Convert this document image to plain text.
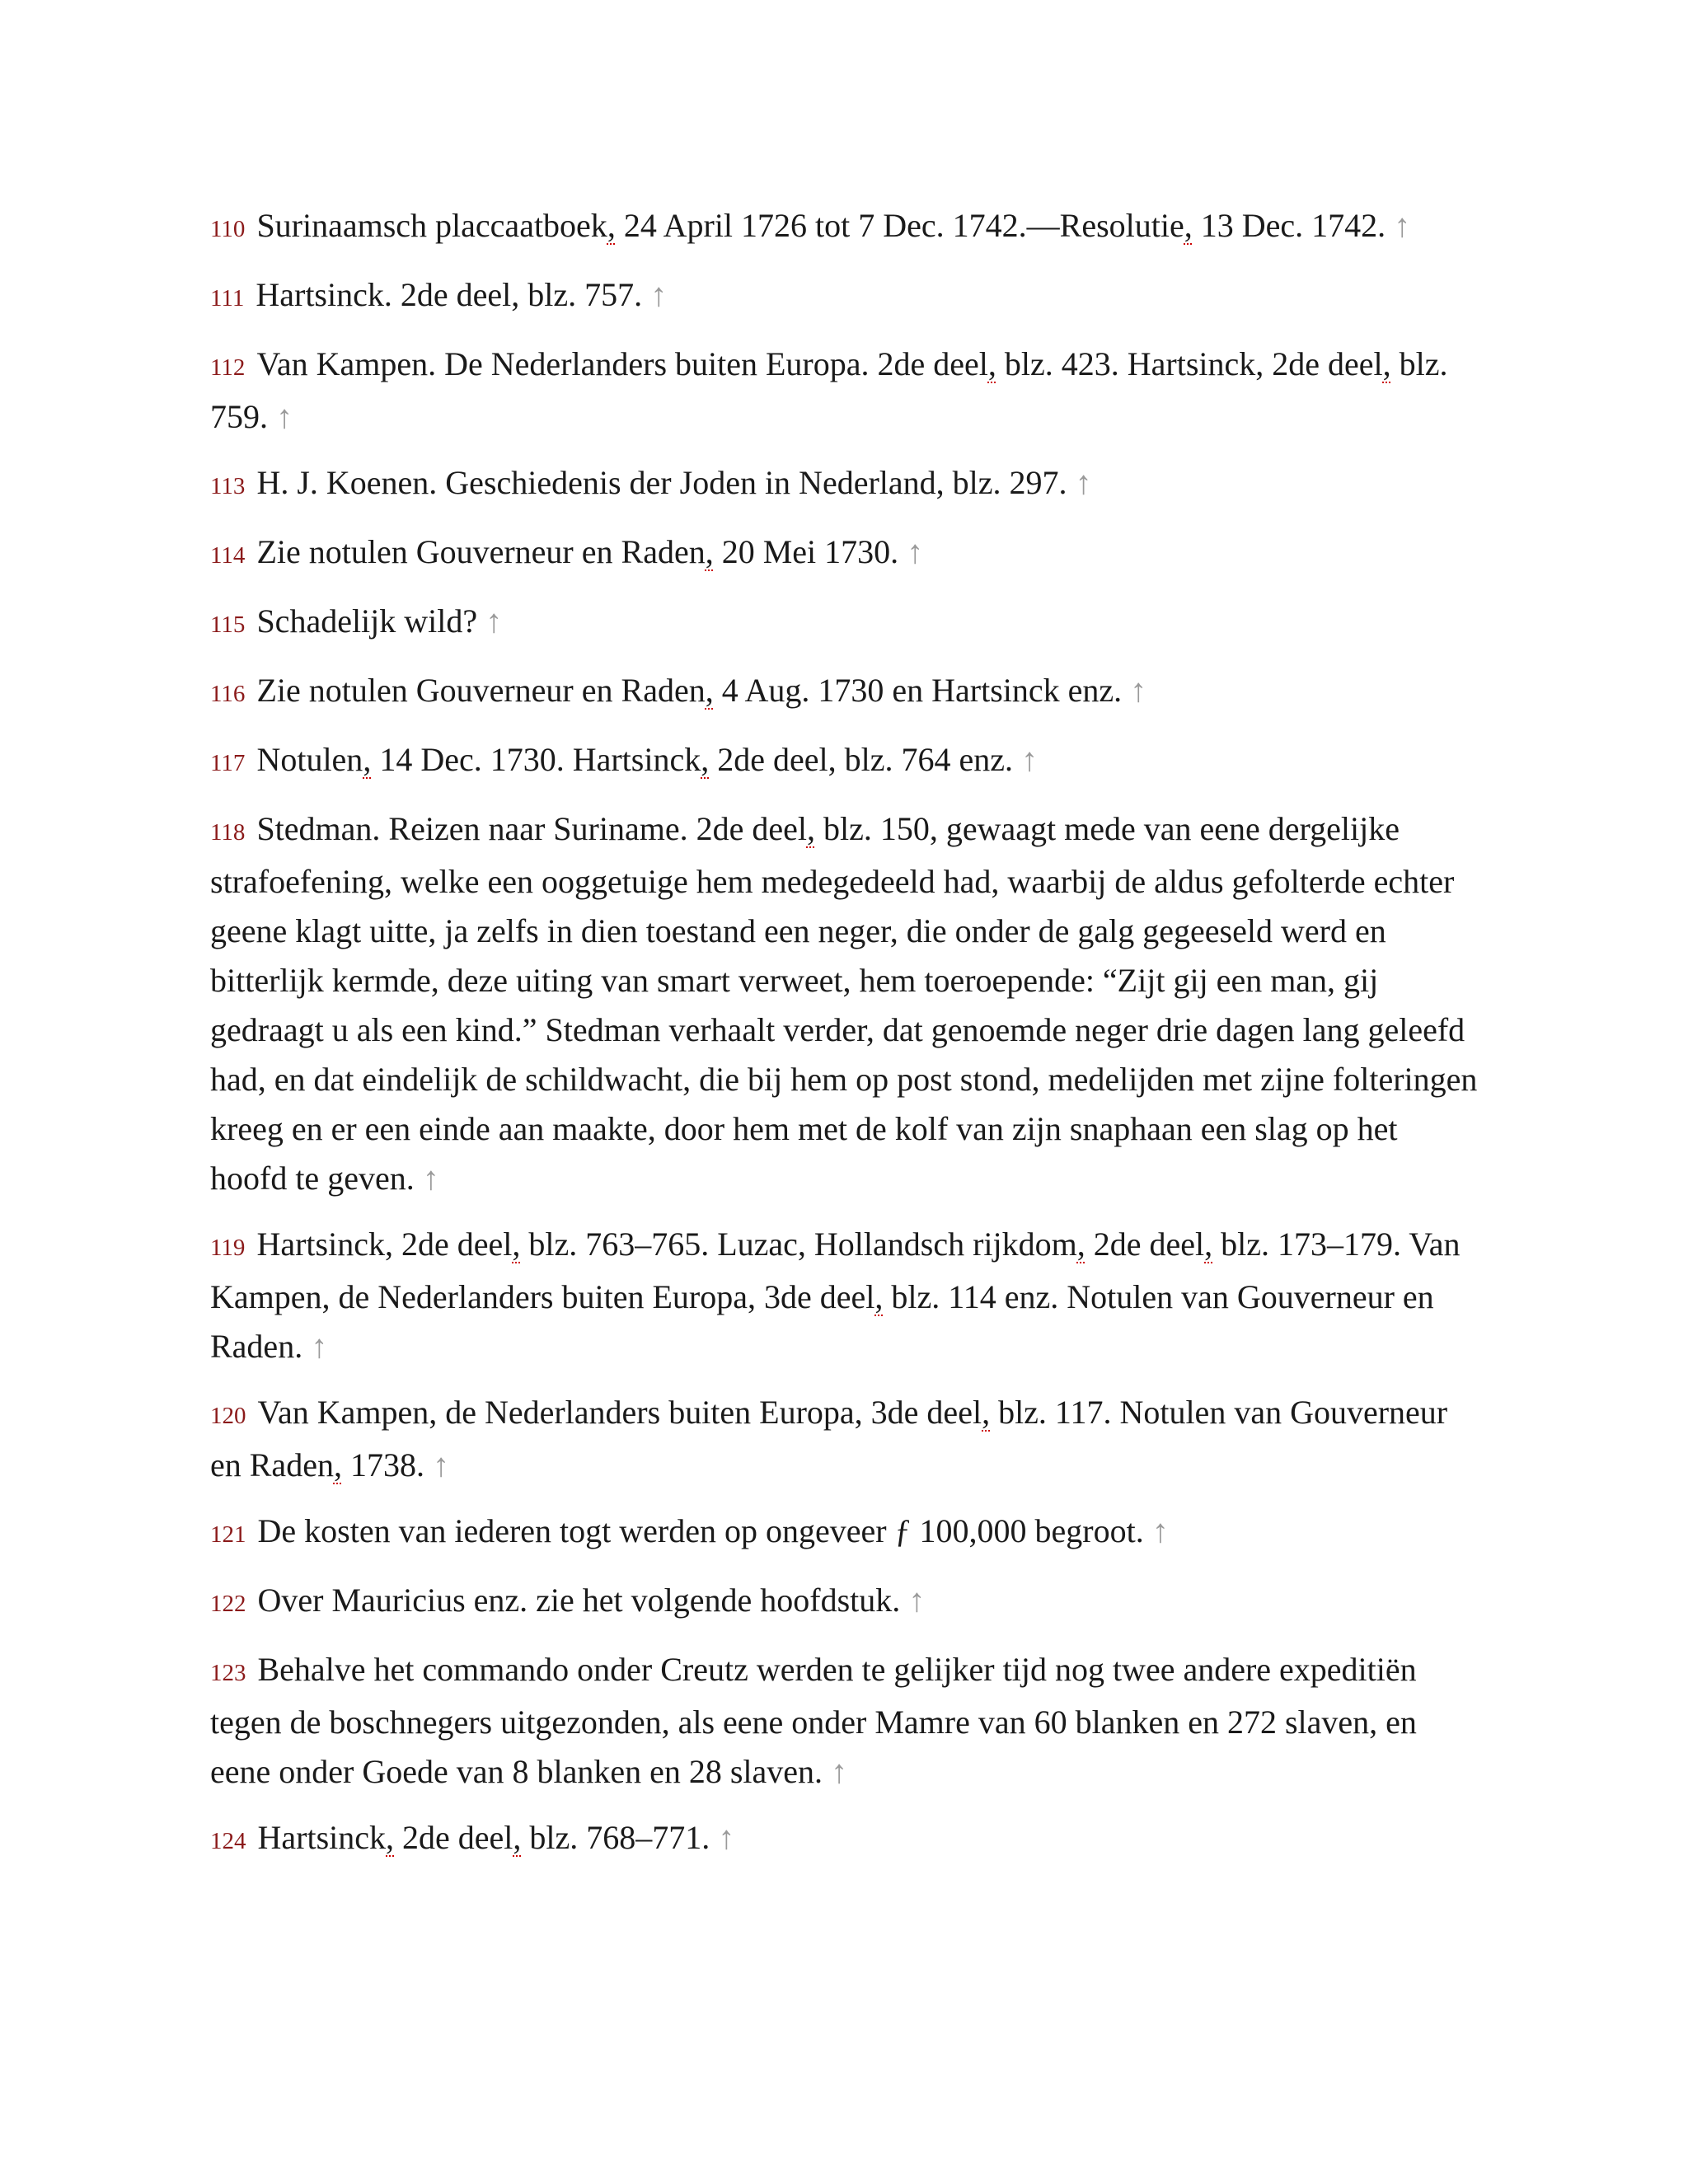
110 Surinaamsch placcaatboek, 24 April 1726 tot 7 Dec. 1742.—Resolutie, 13 Dec. 1742. ↑

111 Hartsinck. 2de deel, blz. 757. ↑

112 Van Kampen. De Nederlanders buiten Europa. 2de deel, blz. 423. Hartsinck, 2de deel, blz. 759. ↑

113 H. J. Koenen. Geschiedenis der Joden in Nederland, blz. 297. ↑

114 Zie notulen Gouverneur en Raden, 20 Mei 1730. ↑

115 Schadelijk wild? ↑

116 Zie notulen Gouverneur en Raden, 4 Aug. 1730 en Hartsinck enz. ↑

117 Notulen, 14 Dec. 1730. Hartsinck, 2de deel, blz. 764 enz. ↑

118 Stedman. Reizen naar Suriname. 2de deel, blz. 150, gewaagt mede van eene dergelijke strafoefening, welke een ooggetuige hem medegedeeld had, waarbij de aldus gefolterde echter geene klagt uitte, ja zelfs in dien toestand een neger, die onder de galg gegeeseld werd en bitterlijk kermde, deze uiting van smart verweet, hem toeroepende: “Zijt gij een man, gij gedraagt u als een kind.” Stedman verhaalt verder, dat genoemde neger drie dagen lang geleefd had, en dat eindelijk de schildwacht, die bij hem op post stond, medelijden met zijne folteringen kreeg en er een einde aan maakte, door hem met de kolf van zijn snaphaan een slag op het hoofd te geven. ↑

119 Hartsinck, 2de deel, blz. 763–765. Luzac, Hollandsch rijkdom, 2de deel, blz. 173–179. Van Kampen, de Nederlanders buiten Europa, 3de deel, blz. 114 enz. Notulen van Gouverneur en Raden. ↑

120 Van Kampen, de Nederlanders buiten Europa, 3de deel, blz. 117. Notulen van Gouverneur en Raden, 1738. ↑

121 De kosten van iederen togt werden op ongeveer ƒ 100,000 begroot. ↑

122 Over Mauricius enz. zie het volgende hoofdstuk. ↑

123 Behalve het commando onder Creutz werden te gelijker tijd nog twee andere expeditiën tegen de boschnegers uitgezonden, als eene onder Mamre van 60 blanken en 272 slaven, en eene onder Goede van 8 blanken en 28 slaven. ↑

124 Hartsinck, 2de deel, blz. 768–771. ↑
